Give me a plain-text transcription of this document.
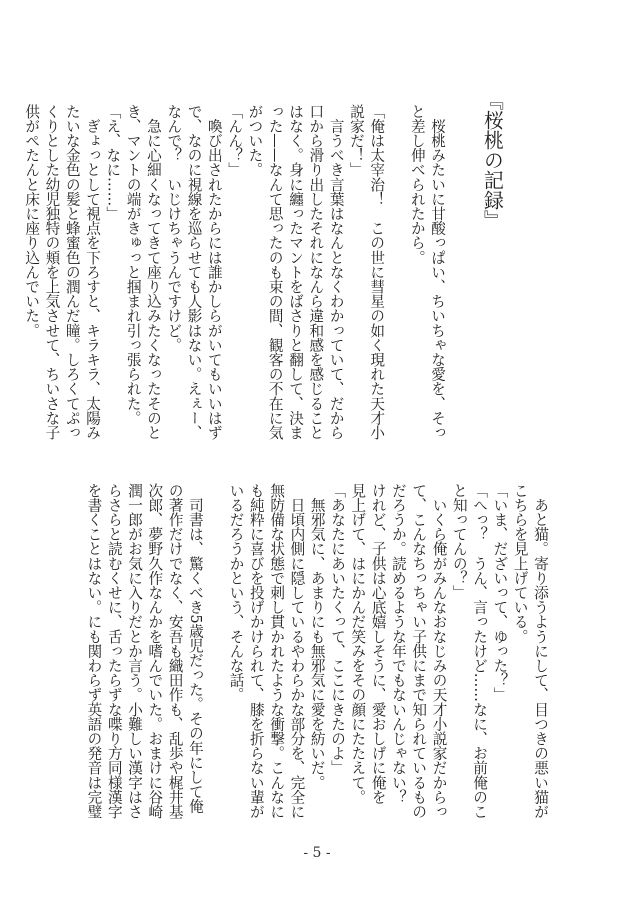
『桜桃の記録』

　桜桃みたいに甘酸っぱい、ちいちゃな愛を、そっ
と差し伸べられたから。
「俺は太宰治！　この世に彗星の如く現れた天才小
説家だ！」
　言うべき言葉はなんとなくわかっていて、だから
口から滑り出したそれになんら違和感を感じること
はなく。身に纏ったマントをばさりと翻して、決ま
った——なんて思ったのも束の間、観客の不在に気
がついた。
「んん？」
　喚び出されたからには誰かしらがいてもいいはず
で、なのに視線を巡らせても人影はない。えぇー、
なんで？　いじけちゃうんですけど。
　急に心細くなってきて座り込みたくなったそのと
き、マントの端がきゅっと掴まれ引っ張られた。
「え、なに……」
　ぎょっとして視点を下ろすと、キラキラ、太陽み
たいな金色の髪と蜂蜜色の潤んだ瞳。しろくてぷっ
くりとした幼児独特の頬を上気させて、ちいさな子
供がぺたんと床に座り込んでいた。
　あと猫。寄り添うようにして、目つきの悪い猫が
こちらを見上げている。
「いま、だざいって、ゆった？」
「へっ？　うん、言ったけど……なに、お前俺のこ
と知ってんの？」
　いくら俺がみんなおなじみの天才小説家だからっ
て、こんなちっちゃい子供にまで知られているもの
だろうか。読めるような年でもないんじゃない？
けれど、子供は心底嬉しそうに、愛おしげに俺を
見上げて、はにかんだ笑みをその顔にたたえて。
「あなたにあいたくって、ここにきたのよ」
　無邪気に、あまりにも無邪気に愛を紡いだ。
　日頃内側に隠しているやわらかな部分を、完全に
無防備な状態で刺し貫かれたような衝撃。こんなに
も純粋に喜びを投げかけられて、膝を折らない輩が
いるだろうかという、そんな話。
　司書は、驚くべき5歳児だった。その年にして俺
の著作だけでなく、安吾も織田作も、乱歩や梶井基
次郎、夢野久作なんかを嗜んでいた。おまけに谷崎
潤一郎がお気に入りだとか言う。小難しい漢字はさ
らさらと読むくせに、舌ったらずな喋り方同様漢字
を書くことはない。にも関わらず英語の発音は完璧
- 5 -
